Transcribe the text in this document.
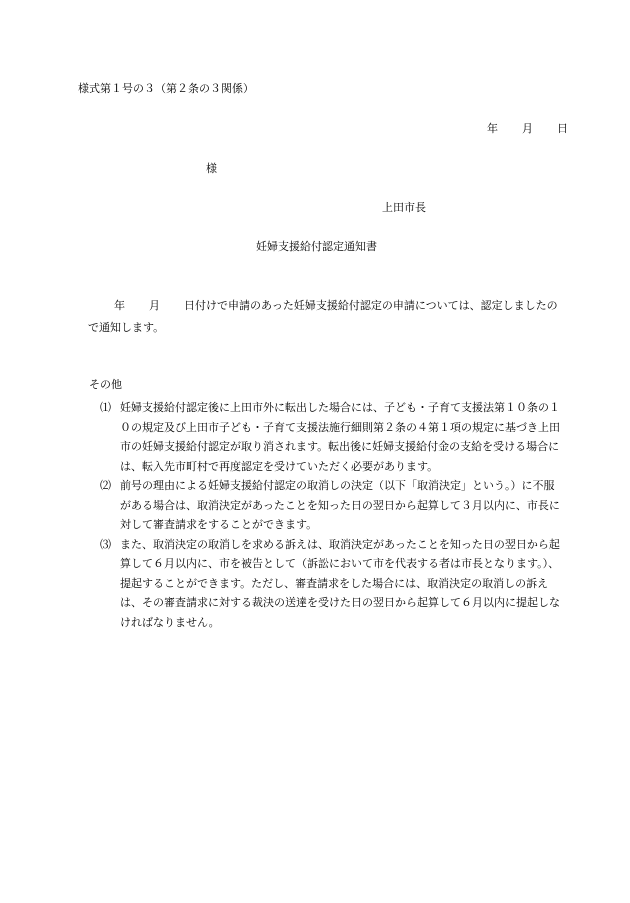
様式第１号の３（第２条の３関係）
年 月 日
様
上田市長
妊婦支援給付認定通知書
年 月 日付けで申請のあった妊婦支援給付認定の申請については、認定しましたので通知します。
その他
⑴ 妊婦支援給付認定後に上田市外に転出した場合には、子ども・子育て支援法第１０条の１０の規定及び上田市子ども・子育て支援法施行細則第２条の４第１項の規定に基づき上田市の妊婦支援給付認定が取り消されます。転出後に妊婦支援給付金の支給を受ける場合には、転入先市町村で再度認定を受けていただく必要があります。
⑵ 前号の理由による妊婦支援給付認定の取消しの決定（以下「取消決定」という。）に不服がある場合は、取消決定があったことを知った日の翌日から起算して３月以内に、市長に対して審査請求をすることができます。
⑶ また、取消決定の取消しを求める訴えは、取消決定があったことを知った日の翌日から起算して６月以内に、市を被告として（訴訟において市を代表する者は市長となります。）、提起することができます。ただし、審査請求をした場合には、取消決定の取消しの訴えは、その審査請求に対する裁決の送達を受けた日の翌日から起算して６月以内に提起しなければなりません。
